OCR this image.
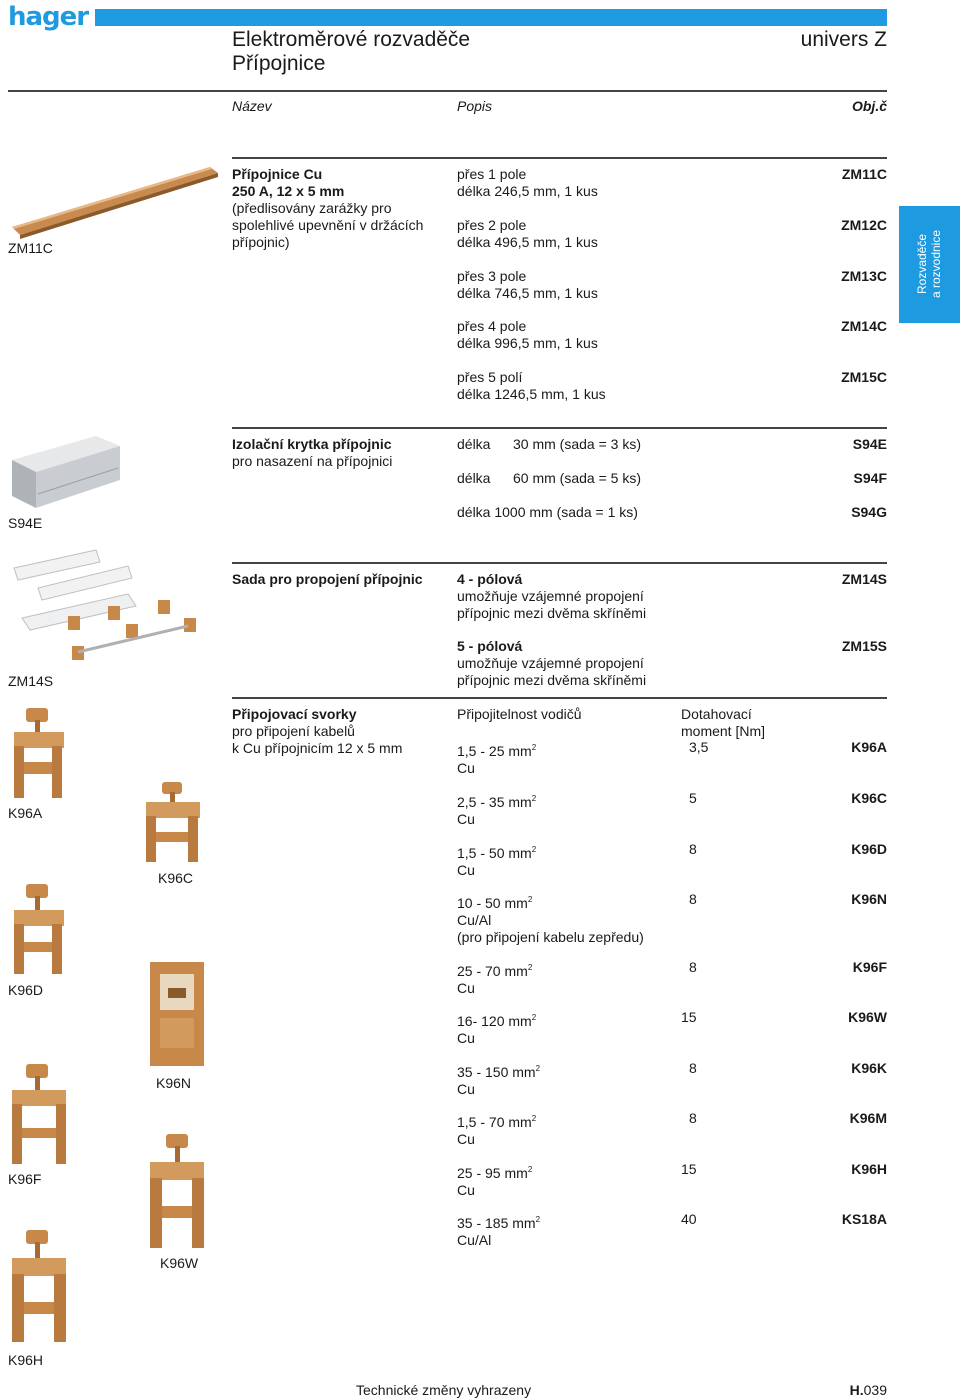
hager
Elektroměrové rozvaděče
Přípojnice
univers Z
Název	Popis	Obj.č
Rozvaděče a rozvodnice
ZM11C
Přípojnice Cu
250 A, 12 x 5 mm
(předlisovány zarážky pro
spolehlivé upevnění v držácích
přípojnic)
přes 1 pole
délka 246,5 mm, 1 kus
ZM11C
přes 2 pole
délka 496,5 mm, 1 kus
ZM12C
přes 3 pole
délka 746,5 mm, 1 kus
ZM13C
přes 4 pole
délka 996,5 mm, 1 kus
ZM14C
přes 5 polí
délka 1246,5 mm, 1 kus
ZM15C
S94E
Izolační krytka přípojnic
pro nasazení na přípojnici
délka 30 mm (sada = 3 ks)	S94E
délka 60 mm (sada = 5 ks)	S94F
délka 1000 mm (sada = 1 ks)	S94G
ZM14S
Sada pro propojení přípojnic 4 - pólová
umožňuje vzájemné propojení
přípojnic mezi dvěma skříněmi
ZM14S
5 - pólová
umožňuje vzájemné propojení
přípojnic mezi dvěma skříněmi
ZM15S
Připojovací svorky
pro připojení kabelů
k Cu přípojnicím 12 x 5 mm
Připojitelnost vodičů	Dotahovací
moment [Nm]
1,5 - 25 $mm^2$
Cu
3,5	K96A
2,5 - 35 $mm^2$
Cu
5	K96C
1,5 - 50 $mm^2$
Cu
8	K96D
10 - 50 $mm^2$
Cu/Al
(pro připojení kabelu zepředu)
8	K96N
25 - 70 $mm^2$
Cu
8	K96F
16- 120 $mm^2$
Cu
15	K96W
35 - 150 $mm^2$
Cu
8	K96K
1,5 - 70 $mm^2$
Cu
8	K96M
25 - 95 $mm^2$
Cu
15	K96H
35 - 185 $mm^2$
Cu/Al
40	KS18A
K96A
K96C
K96D
K96N
K96F
K96W
K96H
Technické změny vyhrazeny	H.039
